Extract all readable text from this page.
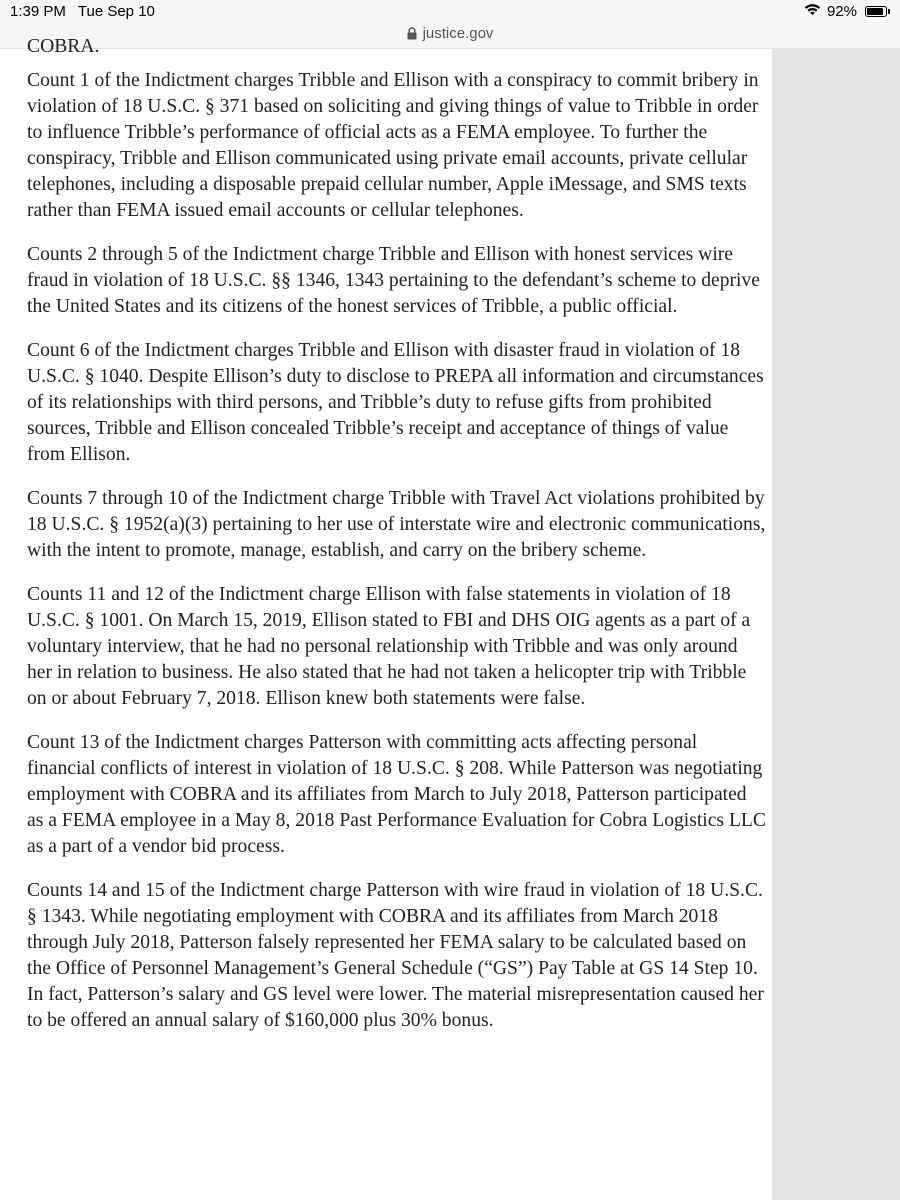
1:39 PM Tue Sep 10	92%
justice.gov
COBRA.

Count 1 of the Indictment charges Tribble and Ellison with a conspiracy to commit bribery in violation of 18 U.S.C. § 371 based on soliciting and giving things of value to Tribble in order to influence Tribble’s performance of official acts as a FEMA employee. To further the conspiracy, Tribble and Ellison communicated using private email accounts, private cellular telephones, including a disposable prepaid cellular number, Apple iMessage, and SMS texts rather than FEMA issued email accounts or cellular telephones.

Counts 2 through 5 of the Indictment charge Tribble and Ellison with honest services wire fraud in violation of 18 U.S.C. §§ 1346, 1343 pertaining to the defendant’s scheme to deprive the United States and its citizens of the honest services of Tribble, a public official.

Count 6 of the Indictment charges Tribble and Ellison with disaster fraud in violation of 18 U.S.C. § 1040. Despite Ellison’s duty to disclose to PREPA all information and circumstances of its relationships with third persons, and Tribble’s duty to refuse gifts from prohibited sources, Tribble and Ellison concealed Tribble’s receipt and acceptance of things of value from Ellison.

Counts 7 through 10 of the Indictment charge Tribble with Travel Act violations prohibited by 18 U.S.C. § 1952(a)(3) pertaining to her use of interstate wire and electronic communications, with the intent to promote, manage, establish, and carry on the bribery scheme.

Counts 11 and 12 of the Indictment charge Ellison with false statements in violation of 18 U.S.C. § 1001. On March 15, 2019, Ellison stated to FBI and DHS OIG agents as a part of a voluntary interview, that he had no personal relationship with Tribble and was only around her in relation to business. He also stated that he had not taken a helicopter trip with Tribble on or about February 7, 2018. Ellison knew both statements were false.

Count 13 of the Indictment charges Patterson with committing acts affecting personal financial conflicts of interest in violation of 18 U.S.C. § 208. While Patterson was negotiating employment with COBRA and its affiliates from March to July 2018, Patterson participated as a FEMA employee in a May 8, 2018 Past Performance Evaluation for Cobra Logistics LLC as a part of a vendor bid process.

Counts 14 and 15 of the Indictment charge Patterson with wire fraud in violation of 18 U.S.C. § 1343. While negotiating employment with COBRA and its affiliates from March 2018 through July 2018, Patterson falsely represented her FEMA salary to be calculated based on the Office of Personnel Management’s General Schedule (“GS”) Pay Table at GS 14 Step 10. In fact, Patterson’s salary and GS level were lower. The material misrepresentation caused her to be offered an annual salary of $160,000 plus 30% bonus.
